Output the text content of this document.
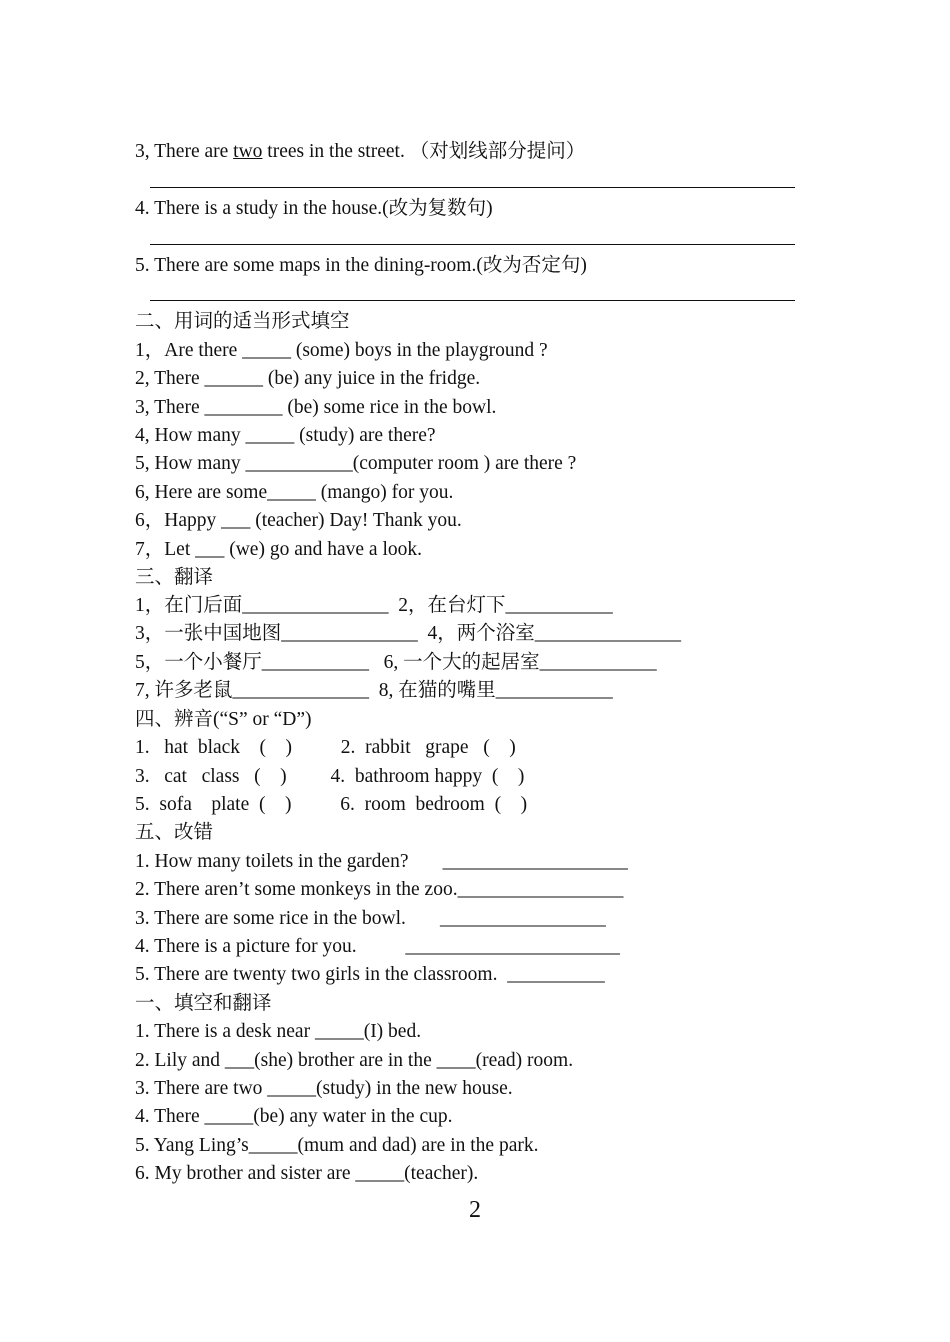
3, There are two trees in the street. （对划线部分提问）

4. There is a study in the house.(改为复数句)

5. There are some maps in the dining-room.(改为否定句)

二、用词的适当形式填空

1，Are there _____ (some) boys in the playground ?

2, There ______ (be) any juice in the fridge.

3, There ________ (be) some rice in the bowl.

4, How many _____ (study) are there?

5, How many ___________(computer room ) are there ?

6, Here are some_____ (mango) for you.

6，Happy ___ (teacher) Day! Thank you.

7，Let ___ (we) go and have a look.

三、翻译

1，在门后面_______________  2，在台灯下___________

3，一张中国地图______________  4，两个浴室_______________

5，一个小餐厅___________   6, 一个大的起居室____________

7, 许多老鼠______________  8, 在猫的嘴里____________

四、辨音(“S” or “D”)

1.   hat  black    (    )          2.  rabbit   grape   (    )

3.   cat   class   (    )         4.  bathroom happy  (    )

5.  sofa    plate  (    )          6.  room  bedroom  (    )

五、改错

1. How many toilets in the garden?       ___________________

2. There aren’t some monkeys in the zoo._________________

3. There are some rice in the bowl.       _________________

4. There is a picture for you.          ______________________

5. There are twenty two girls in the classroom.  __________

一、填空和翻译

1. There is a desk near _____(I) bed.

2. Lily and ___(she) brother are in the ____(read) room.

3. There are two _____(study) in the new house.

4. There _____(be) any water in the cup.

5. Yang Ling’s_____(mum and dad) are in the park.

6. My brother and sister are _____(teacher).

2
